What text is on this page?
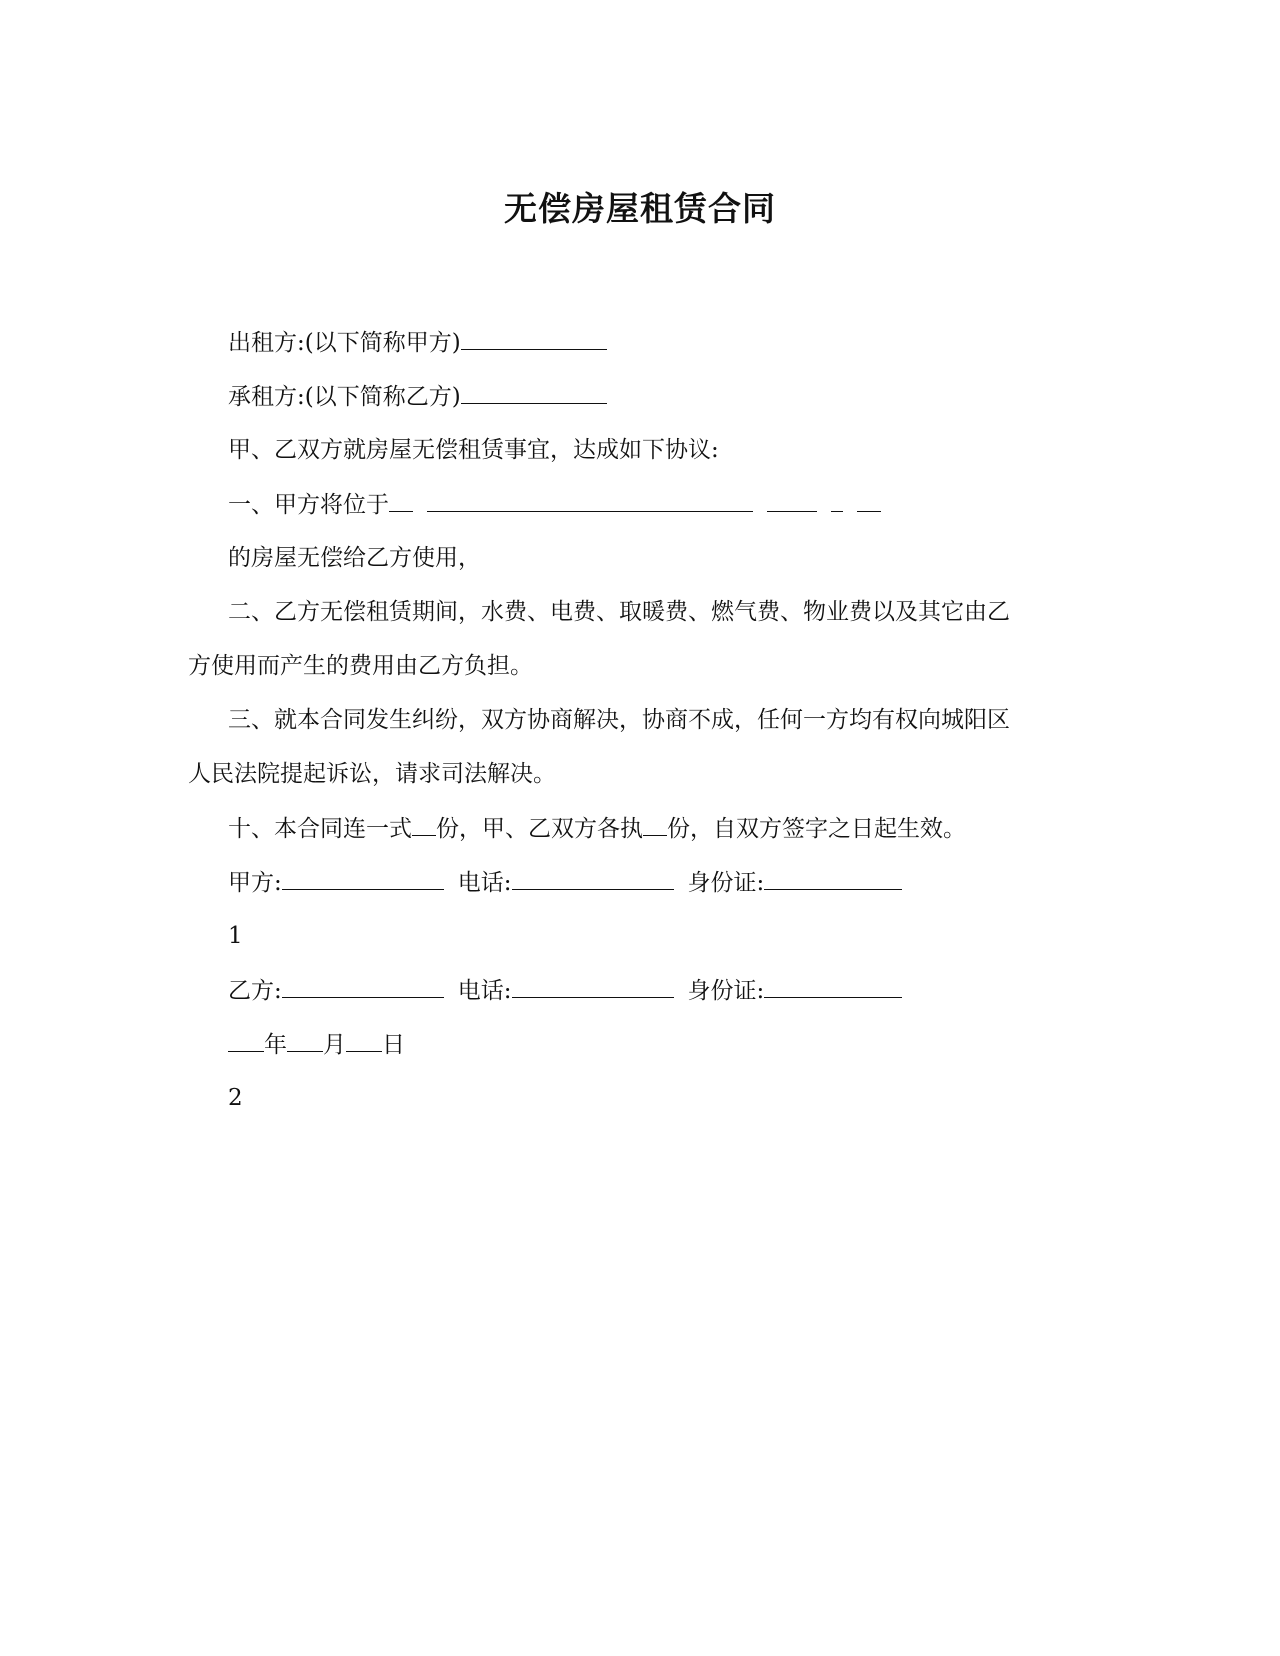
无偿房屋租赁合同
出租方:(以下简称甲方)
承租方:(以下简称乙方)
甲、乙双方就房屋无偿租赁事宜，达成如下协议:
一、甲方将位于
的房屋无偿给乙方使用，
二、乙方无偿租赁期间，水费、电费、取暖费、燃气费、物业费以及其它由乙
方使用而产生的费用由乙方负担。
三、就本合同发生纠纷，双方协商解决，协商不成，任何一方均有权向城阳区
人民法院提起诉讼，请求司法解决。
十、本合同连一式 份，甲、乙双方各执 份，自双方签字之日起生效。
甲方:	电话:	身份证:
1
乙方:	电话:	身份证:
年 月 日
2
